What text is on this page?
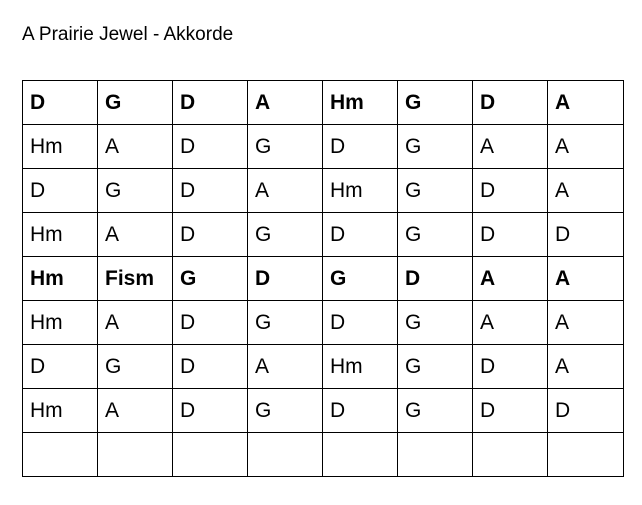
A Prairie Jewel - Akkorde
D	G	D	A	Hm	G	D	A
Hm	A	D	G	D	G	A	A
D	G	D	A	Hm	G	D	A
Hm	A	D	G	D	G	D	D
Hm	Fism	G	D	G	D	A	A
Hm	A	D	G	D	G	A	A
D	G	D	A	Hm	G	D	A
Hm	A	D	G	D	G	D	D
